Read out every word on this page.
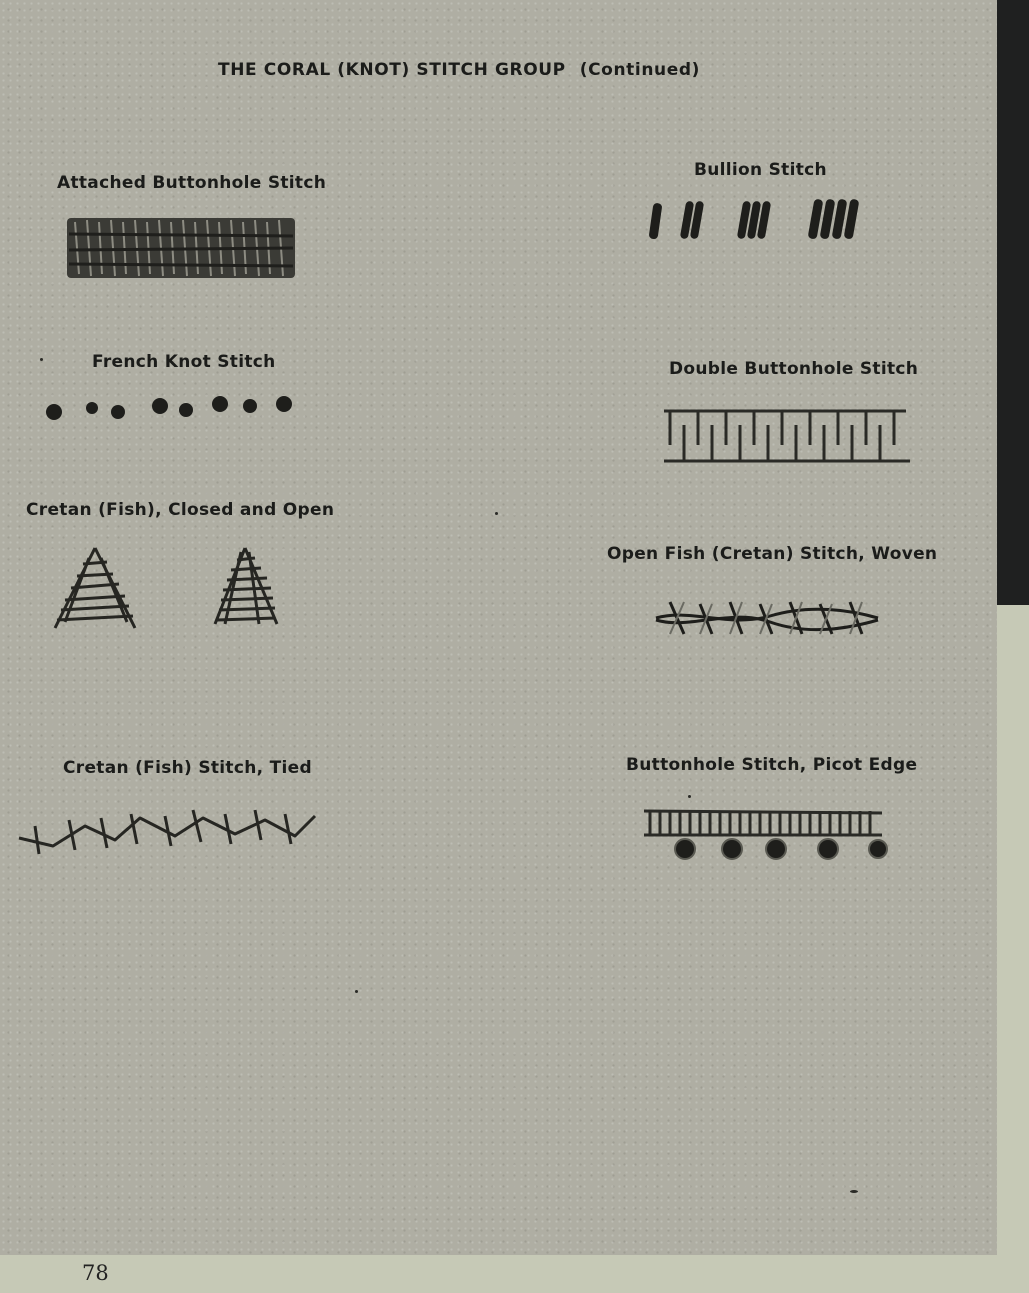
THE CORAL (KNOT) STITCH GROUP (Continued)
Attached Buttonhole Stitch
Bullion Stitch
French Knot Stitch	Double Buttonhole Stitch
Cretan (Fish), Closed and Open
Open Fish (Cretan) Stitch, Woven
Cretan (Fish) Stitch, Tied	Buttonhole Stitch, Picot Edge
78
